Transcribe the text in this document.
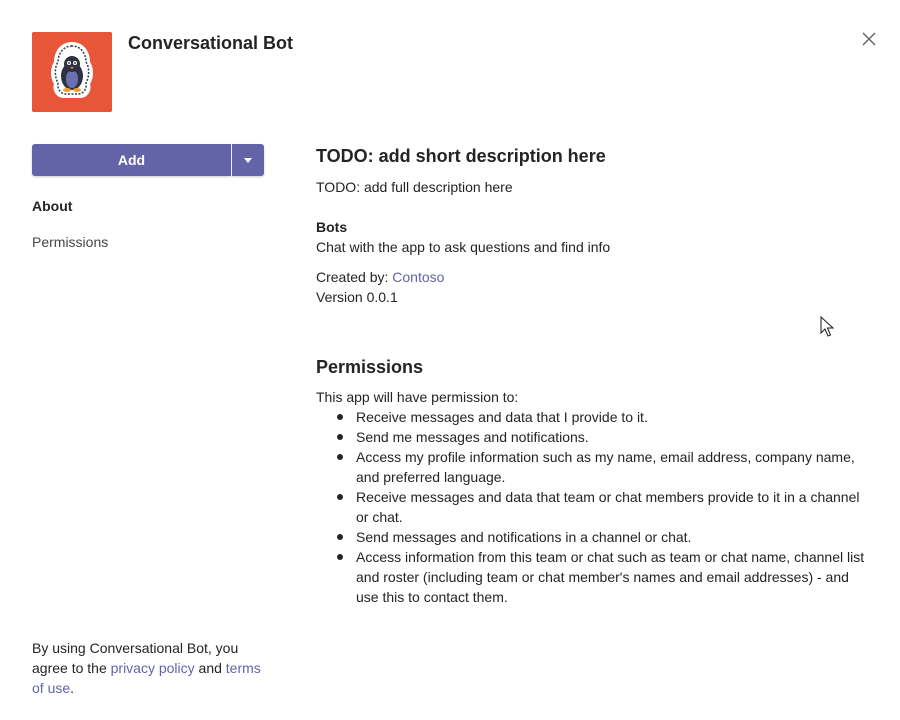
Conversational Bot
Add
About
Permissions
TODO: add short description here
TODO: add full description here
Bots
Chat with the app to ask questions and find info
Created by: Contoso
Version 0.0.1
Permissions
This app will have permission to:
Receive messages and data that I provide to it.
Send me messages and notifications.
Access my profile information such as my name, email address, company name, and preferred language.
Receive messages and data that team or chat members provide to it in a channel or chat.
Send messages and notifications in a channel or chat.
Access information from this team or chat such as team or chat name, channel list and roster (including team or chat member's names and email addresses) - and use this to contact them.
By using Conversational Bot, you agree to the privacy policy and terms of use.
